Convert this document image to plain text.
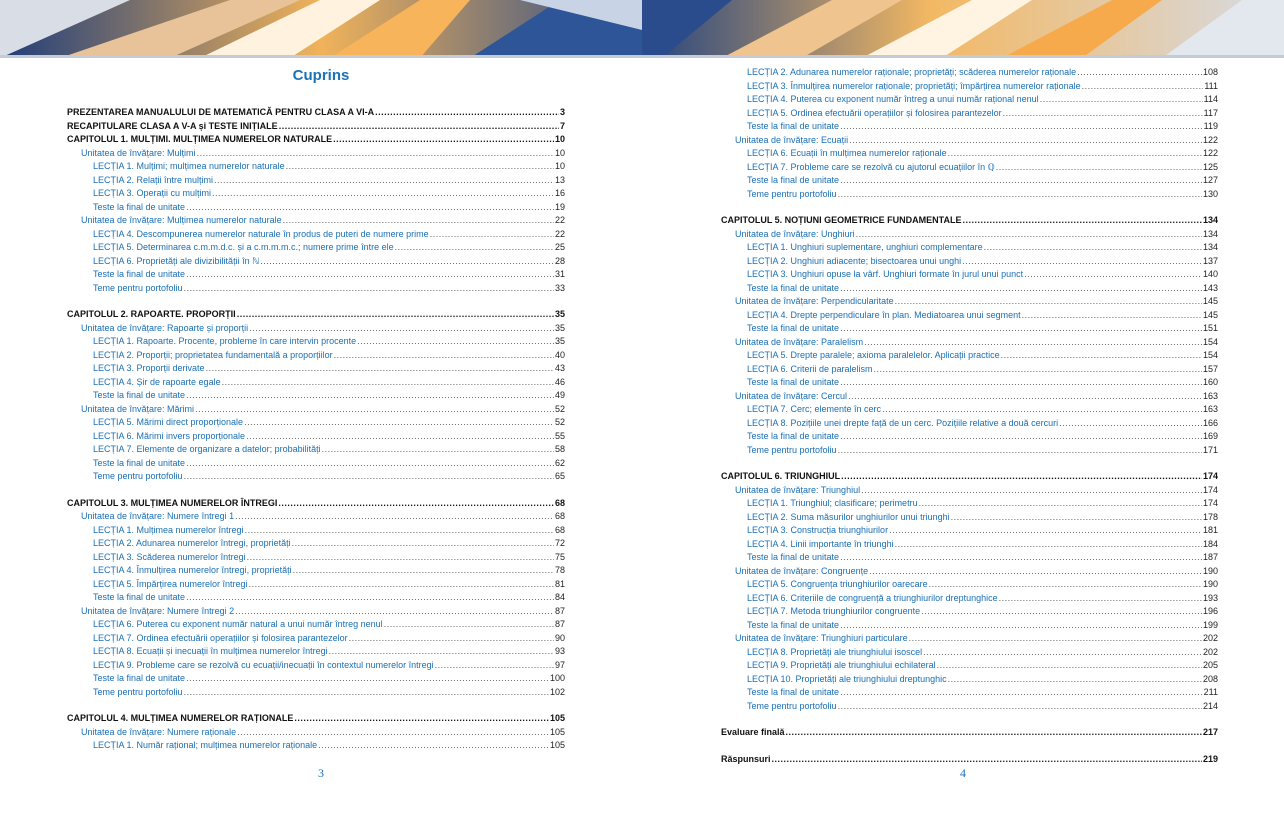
Cuprins
PREZENTAREA MANUALULUI DE MATEMATICĂ PENTRU CLASA A VI-A .....	3
RECAPITULARE CLASA A V-A și TESTE INIȚIALE .....	7
CAPITOLUL 1. MULȚIMI. MULȚIMEA NUMERELOR NATURALE .....	10
Unitatea de învățare: Mulțimi .....	10
LECȚIA 1. Mulțimi; mulțimea numerelor naturale .....	10
LECȚIA 2. Relații între mulțimi .....	13
LECȚIA 3. Operații cu mulțimi .....	16
Teste la final de unitate .....	19
Unitatea de învățare: Mulțimea numerelor naturale .....	22
LECȚIA 4. Descompunerea numerelor naturale în produs de puteri de numere prime .....	22
LECȚIA 5. Determinarea c.m.m.d.c. și a c.m.m.m.c.; numere prime între ele .....	25
LECȚIA 6. Proprietăți ale divizibilității în ℕ .....	28
Teste la final de unitate .....	31
Teme pentru portofoliu .....	33
CAPITOLUL 2. RAPOARTE. PROPORȚII .....	35
Unitatea de învățare: Rapoarte și proporții .....	35
LECȚIA 1. Rapoarte. Procente, probleme în care intervin procente .....	35
LECȚIA 2. Proporții; proprietatea fundamentală a proporțiilor .....	40
LECȚIA 3. Proporții derivate .....	43
LECȚIA 4. Șir de rapoarte egale .....	46
Teste la final de unitate .....	49
Unitatea de învățare: Mărimi .....	52
LECȚIA 5. Mărimi direct proporționale .....	52
LECȚIA 6. Mărimi invers proporționale .....	55
LECȚIA 7. Elemente de organizare a datelor; probabilități .....	58
Teste la final de unitate .....	62
Teme pentru portofoliu .....	65
CAPITOLUL 3. MULȚIMEA NUMERELOR ÎNTREGI .....	68
Unitatea de învățare: Numere întregi 1 .....	68
LECȚIA 1. Mulțimea numerelor întregi .....	68
LECȚIA 2. Adunarea numerelor întregi, proprietăți .....	72
LECȚIA 3. Scăderea numerelor întregi .....	75
LECȚIA 4. Înmulțirea numerelor întregi, proprietăți .....	78
LECȚIA 5. Împărțirea numerelor întregi .....	81
Teste la final de unitate .....	84
Unitatea de învățare: Numere întregi 2 .....	87
LECȚIA 6. Puterea cu exponent număr natural a unui număr întreg nenul .....	87
LECȚIA 7. Ordinea efectuării operațiilor și folosirea parantezelor .....	90
LECȚIA 8. Ecuații și inecuații în mulțimea numerelor întregi .....	93
LECȚIA 9. Probleme care se rezolvă cu ecuații/inecuații în contextul numerelor întregi .....	97
Teste la final de unitate .....	100
Teme pentru portofoliu .....	102
CAPITOLUL 4. MULȚIMEA NUMERELOR RAȚIONALE .....	105
Unitatea de învățare: Numere raționale .....	105
LECȚIA 1. Număr rațional; mulțimea numerelor raționale .....	105
3
LECȚIA 2. Adunarea numerelor raționale; proprietăți; scăderea numerelor raționale .....	108
LECȚIA 3. Înmulțirea numerelor raționale; proprietăți; împărțirea numerelor raționale .....	111
LECȚIA 4. Puterea cu exponent număr întreg a unui număr rațional nenul .....	114
LECȚIA 5. Ordinea efectuării operațiilor și folosirea parantezelor .....	117
Teste la final de unitate .....	119
Unitatea de învățare: Ecuații .....	122
LECȚIA 6. Ecuații în mulțimea numerelor raționale .....	122
LECȚIA 7. Probleme care se rezolvă cu ajutorul ecuațiilor în ℚ .....	125
Teste la final de unitate .....	127
Teme pentru portofoliu .....	130
CAPITOLUL 5. NOȚIUNI GEOMETRICE FUNDAMENTALE .....	134
Unitatea de învățare: Unghiuri .....	134
LECȚIA 1. Unghiuri suplementare, unghiuri complementare .....	134
LECȚIA 2. Unghiuri adiacente; bisectoarea unui unghi .....	137
LECȚIA 3. Unghiuri opuse la vârf. Unghiuri formate în jurul unui punct .....	140
Teste la final de unitate .....	143
Unitatea de învățare: Perpendicularitate .....	145
LECȚIA 4. Drepte perpendiculare în plan. Mediatoarea unui segment .....	145
Teste la final de unitate .....	151
Unitatea de învățare: Paralelism .....	154
LECȚIA 5. Drepte paralele; axioma paralelelor. Aplicații practice .....	154
LECȚIA 6. Criterii de paralelism .....	157
Teste la final de unitate .....	160
Unitatea de învățare: Cercul .....	163
LECȚIA 7. Cerc; elemente în cerc .....	163
LECȚIA 8. Pozițiile unei drepte față de un cerc. Pozițiile relative a două cercuri .....	166
Teste la final de unitate .....	169
Teme pentru portofoliu .....	171
CAPITOLUL 6. TRIUNGHIUL .....	174
Unitatea de învățare: Triunghiul .....	174
LECȚIA 1. Triunghiul; clasificare; perimetru .....	174
LECȚIA 2. Suma măsurilor unghiurilor unui triunghi .....	178
LECȚIA 3. Construcția triunghiurilor .....	181
LECȚIA 4. Linii importante în triunghi .....	184
Teste la final de unitate .....	187
Unitatea de învățare: Congruențe .....	190
LECȚIA 5. Congruența triunghiurilor oarecare .....	190
LECȚIA 6. Criteriile de congruență a triunghiurilor dreptunghice .....	193
LECȚIA 7. Metoda triunghiurilor congruente .....	196
Teste la final de unitate .....	199
Unitatea de învățare: Triunghiuri particulare .....	202
LECȚIA 8. Proprietăți ale triunghiului isoscel .....	202
LECȚIA 9. Proprietăți ale triunghiului echilateral .....	205
LECȚIA 10. Proprietăți ale triunghiului dreptunghic .....	208
Teste la final de unitate .....	211
Teme pentru portofoliu .....	214
Evaluare finală .....	217
Răspunsuri .....	219
4
